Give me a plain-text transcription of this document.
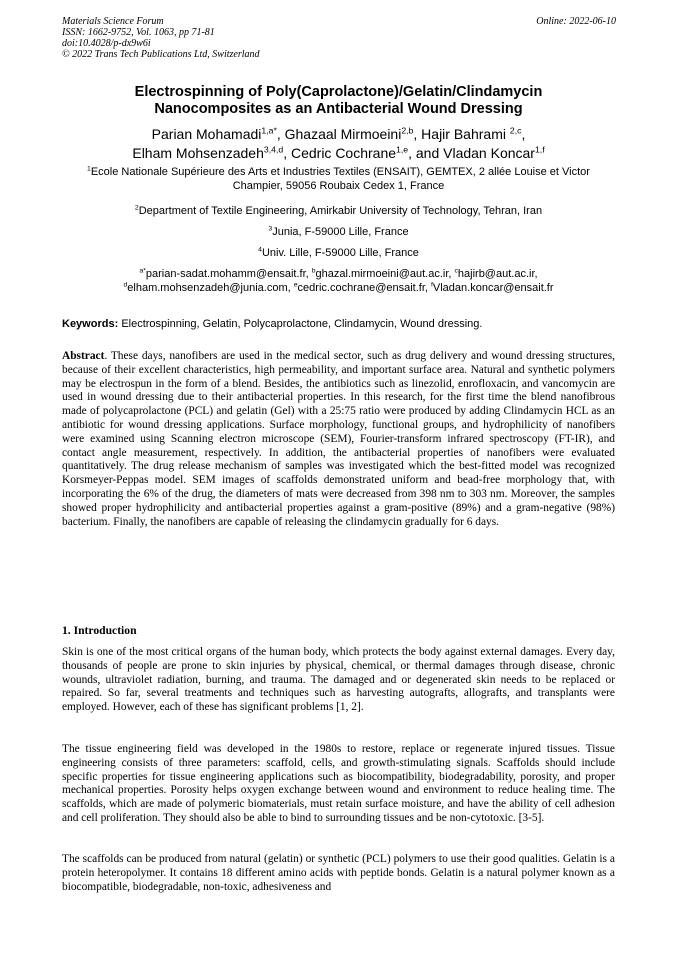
Materials Science Forum
ISSN: 1662-9752, Vol. 1063, pp 71-81
doi:10.4028/p-dx9w6i
© 2022 Trans Tech Publications Ltd, Switzerland
Online: 2022-06-10
Electrospinning of Poly(Caprolactone)/Gelatin/Clindamycin
Nanocomposites as an Antibacterial Wound Dressing
Parian Mohamadi$^{1,a*}$, Ghazaal Mirmoeini$^{2,b}$, Hajir Bahrami $^{2,c}$,
Elham Mohsenzadeh$^{3,4,d}$, Cedric Cochrane$^{1,e}$, and Vladan Koncar$^{1,f}$
$^1$Ecole Nationale Supérieure des Arts et Industries Textiles (ENSAIT), GEMTEX, 2 allée Louise et Victor Champier, 59056 Roubaix Cedex 1, France
$^2$Department of Textile Engineering, Amirkabir University of Technology, Tehran, Iran
$^3$Junia, F-59000 Lille, France
$^4$Univ. Lille, F-59000 Lille, France
$^{a*}$parian-sadat.mohamm@ensait.fr, $^b$ghazal.mirmoeini@aut.ac.ir, $^c$hajirb@aut.ac.ir,
$^d$elham.mohsenzadeh@junia.com, $^e$cedric.cochrane@ensait.fr, $^f$Vladan.koncar@ensait.fr
Keywords: Electrospinning, Gelatin, Polycaprolactone, Clindamycin, Wound dressing.

Abstract. These days, nanofibers are used in the medical sector, such as drug delivery and wound dressing structures, because of their excellent characteristics, high permeability, and important surface area. Natural and synthetic polymers may be electrospun in the form of a blend. Besides, the antibiotics such as linezolid, enrofloxacin, and vancomycin are used in wound dressing due to their antibacterial properties. In this research, for the first time the blend nanofibrous made of polycaprolactone (PCL) and gelatin (Gel) with a 25:75 ratio were produced by adding Clindamycin HCL as an antibiotic for wound dressing applications. Surface morphology, functional groups, and hydrophilicity of nanofibers were examined using Scanning electron microscope (SEM), Fourier-transform infrared spectroscopy (FT-IR), and contact angle measurement, respectively. In addition, the antibacterial properties of nanofibers were evaluated quantitatively. The drug release mechanism of samples was investigated which the best-fitted model was recognized Korsmeyer-Peppas model. SEM images of scaffolds demonstrated uniform and bead-free morphology that, with incorporating the 6% of the drug, the diameters of mats were decreased from 398 nm to 303 nm. Moreover, the samples showed proper hydrophilicity and antibacterial properties against a gram-positive (89%) and a gram-negative (98%) bacterium. Finally, the nanofibers are capable of releasing the clindamycin gradually for 6 days.

1. Introduction

Skin is one of the most critical organs of the human body, which protects the body against external damages. Every day, thousands of people are prone to skin injuries by physical, chemical, or thermal damages through disease, chronic wounds, ultraviolet radiation, burning, and trauma. The damaged and or degenerated skin needs to be replaced or repaired. So far, several treatments and techniques such as harvesting autografts, allografts, and transplants were employed. However, each of these has significant problems [1, 2].

The tissue engineering field was developed in the 1980s to restore, replace or regenerate injured tissues. Tissue engineering consists of three parameters: scaffold, cells, and growth-stimulating signals. Scaffolds should include specific properties for tissue engineering applications such as biocompatibility, biodegradability, porosity, and proper mechanical properties. Porosity helps oxygen exchange between wound and environment to reduce healing time. The scaffolds, which are made of polymeric biomaterials, must retain surface moisture, and have the ability of cell adhesion and cell proliferation. They should also be able to bind to surrounding tissues and be non-cytotoxic. [3-5].

The scaffolds can be produced from natural (gelatin) or synthetic (PCL) polymers to use their good qualities. Gelatin is a protein heteropolymer. It contains 18 different amino acids with peptide bonds. Gelatin is a natural polymer known as a biocompatible, biodegradable, non-toxic, adhesiveness and
